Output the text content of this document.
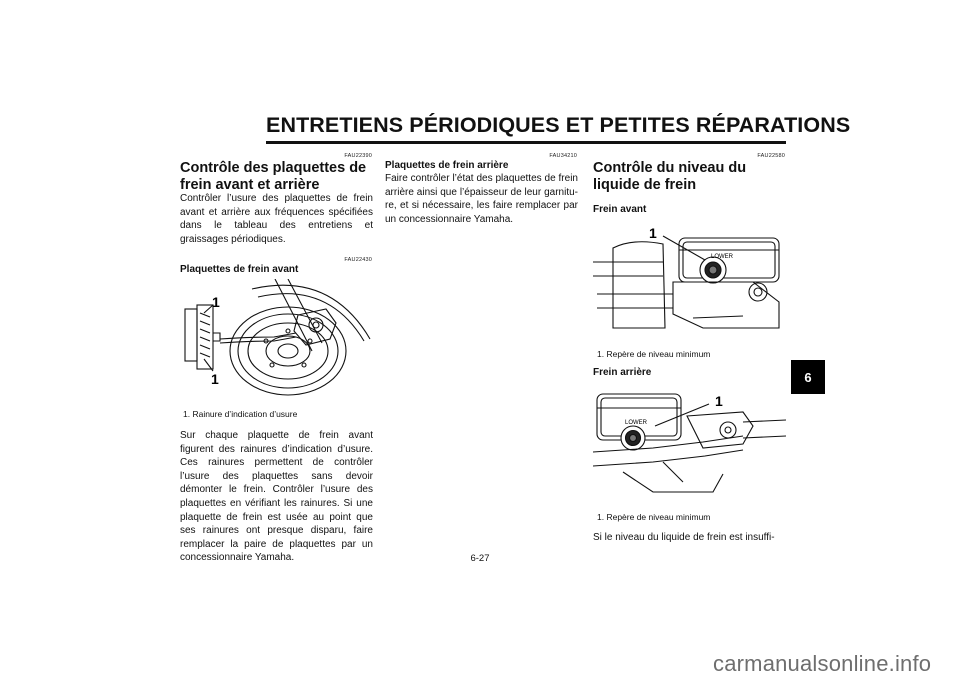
ENTRETIENS PÉRIODIQUES ET PETITES RÉPARATIONS
6
FAU22390
Contrôle des plaquettes de frein avant et arrière
Contrôler l’usure des plaquettes de frein avant et arrière aux fréquences spécifiées dans le tableau des entretiens et graissages périodiques.
FAU22430
Plaquettes de frein avant
1
1
1. Rainure d’indication d’usure
Sur chaque plaquette de frein avant figurent des rainures d’indication d’usure. Ces rainures permettent de contrôler l’usure des plaquettes sans devoir démonter le frein. Contrôler l’usure des plaquettes en vérifiant les rainures. Si une plaquette de frein est usée au point que ses rainures ont presque disparu, faire remplacer la paire de plaquettes par un concessionnaire Yamaha.
FAU34210
Plaquettes de frein arrière
Faire contrôler l’état des plaquettes de frein arrière ainsi que l’épaisseur de leur garnitu-re, et si nécessaire, les faire remplacer par un concessionnaire Yamaha.
FAU22580
Contrôle du niveau du liquide de frein
Frein avant
LOWER
1
1. Repère de niveau minimum
Frein arrière
LOWER
1
1. Repère de niveau minimum
Si le niveau du liquide de frein est insuffi-
6-27
carmanualsonline.info
